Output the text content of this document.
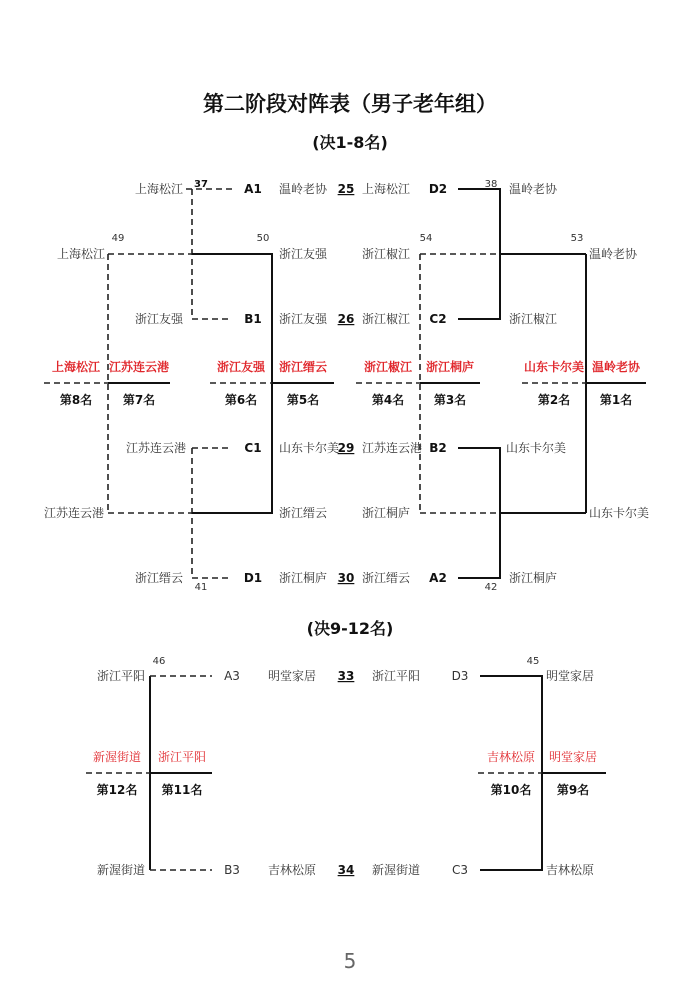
第二阶段对阵表（男子老年组）
(决1-8名)
上海松江 37	A1
浙江友强	B1
50
浙江友强
温岭老协 25
浙江友强 26
49
上海松江
江苏连云港
江苏连云港	C1
浙江缙云	D1
41
浙江缙云
山东卡尔美
29
浙江桐庐 30
上海松江 D2	38 温岭老协
浙江椒江 C2	浙江椒江
54
浙江椒江
53
温岭老协
山东卡尔美
江苏连云港 B2	山东卡尔美
浙江桐庐
浙江缙云 A2
42
浙江桐庐
上海松江 江苏连云港	浙江友强 浙江缙云	浙江椒江 浙江桐庐	山东卡尔美 温岭老协
第8名	第7名	第6名 第5名	第4名 第3名	第2名 第1名
(决9-12名)
46
浙江平阳	A3
新渥街道	B3
明堂家居 33 浙江平阳	D3
吉林松原 34 新渥街道	C3
45
明堂家居
吉林松原
新渥街道 浙江平阳	吉林松原 明堂家居
第12名 第11名	第10名 第9名
5
